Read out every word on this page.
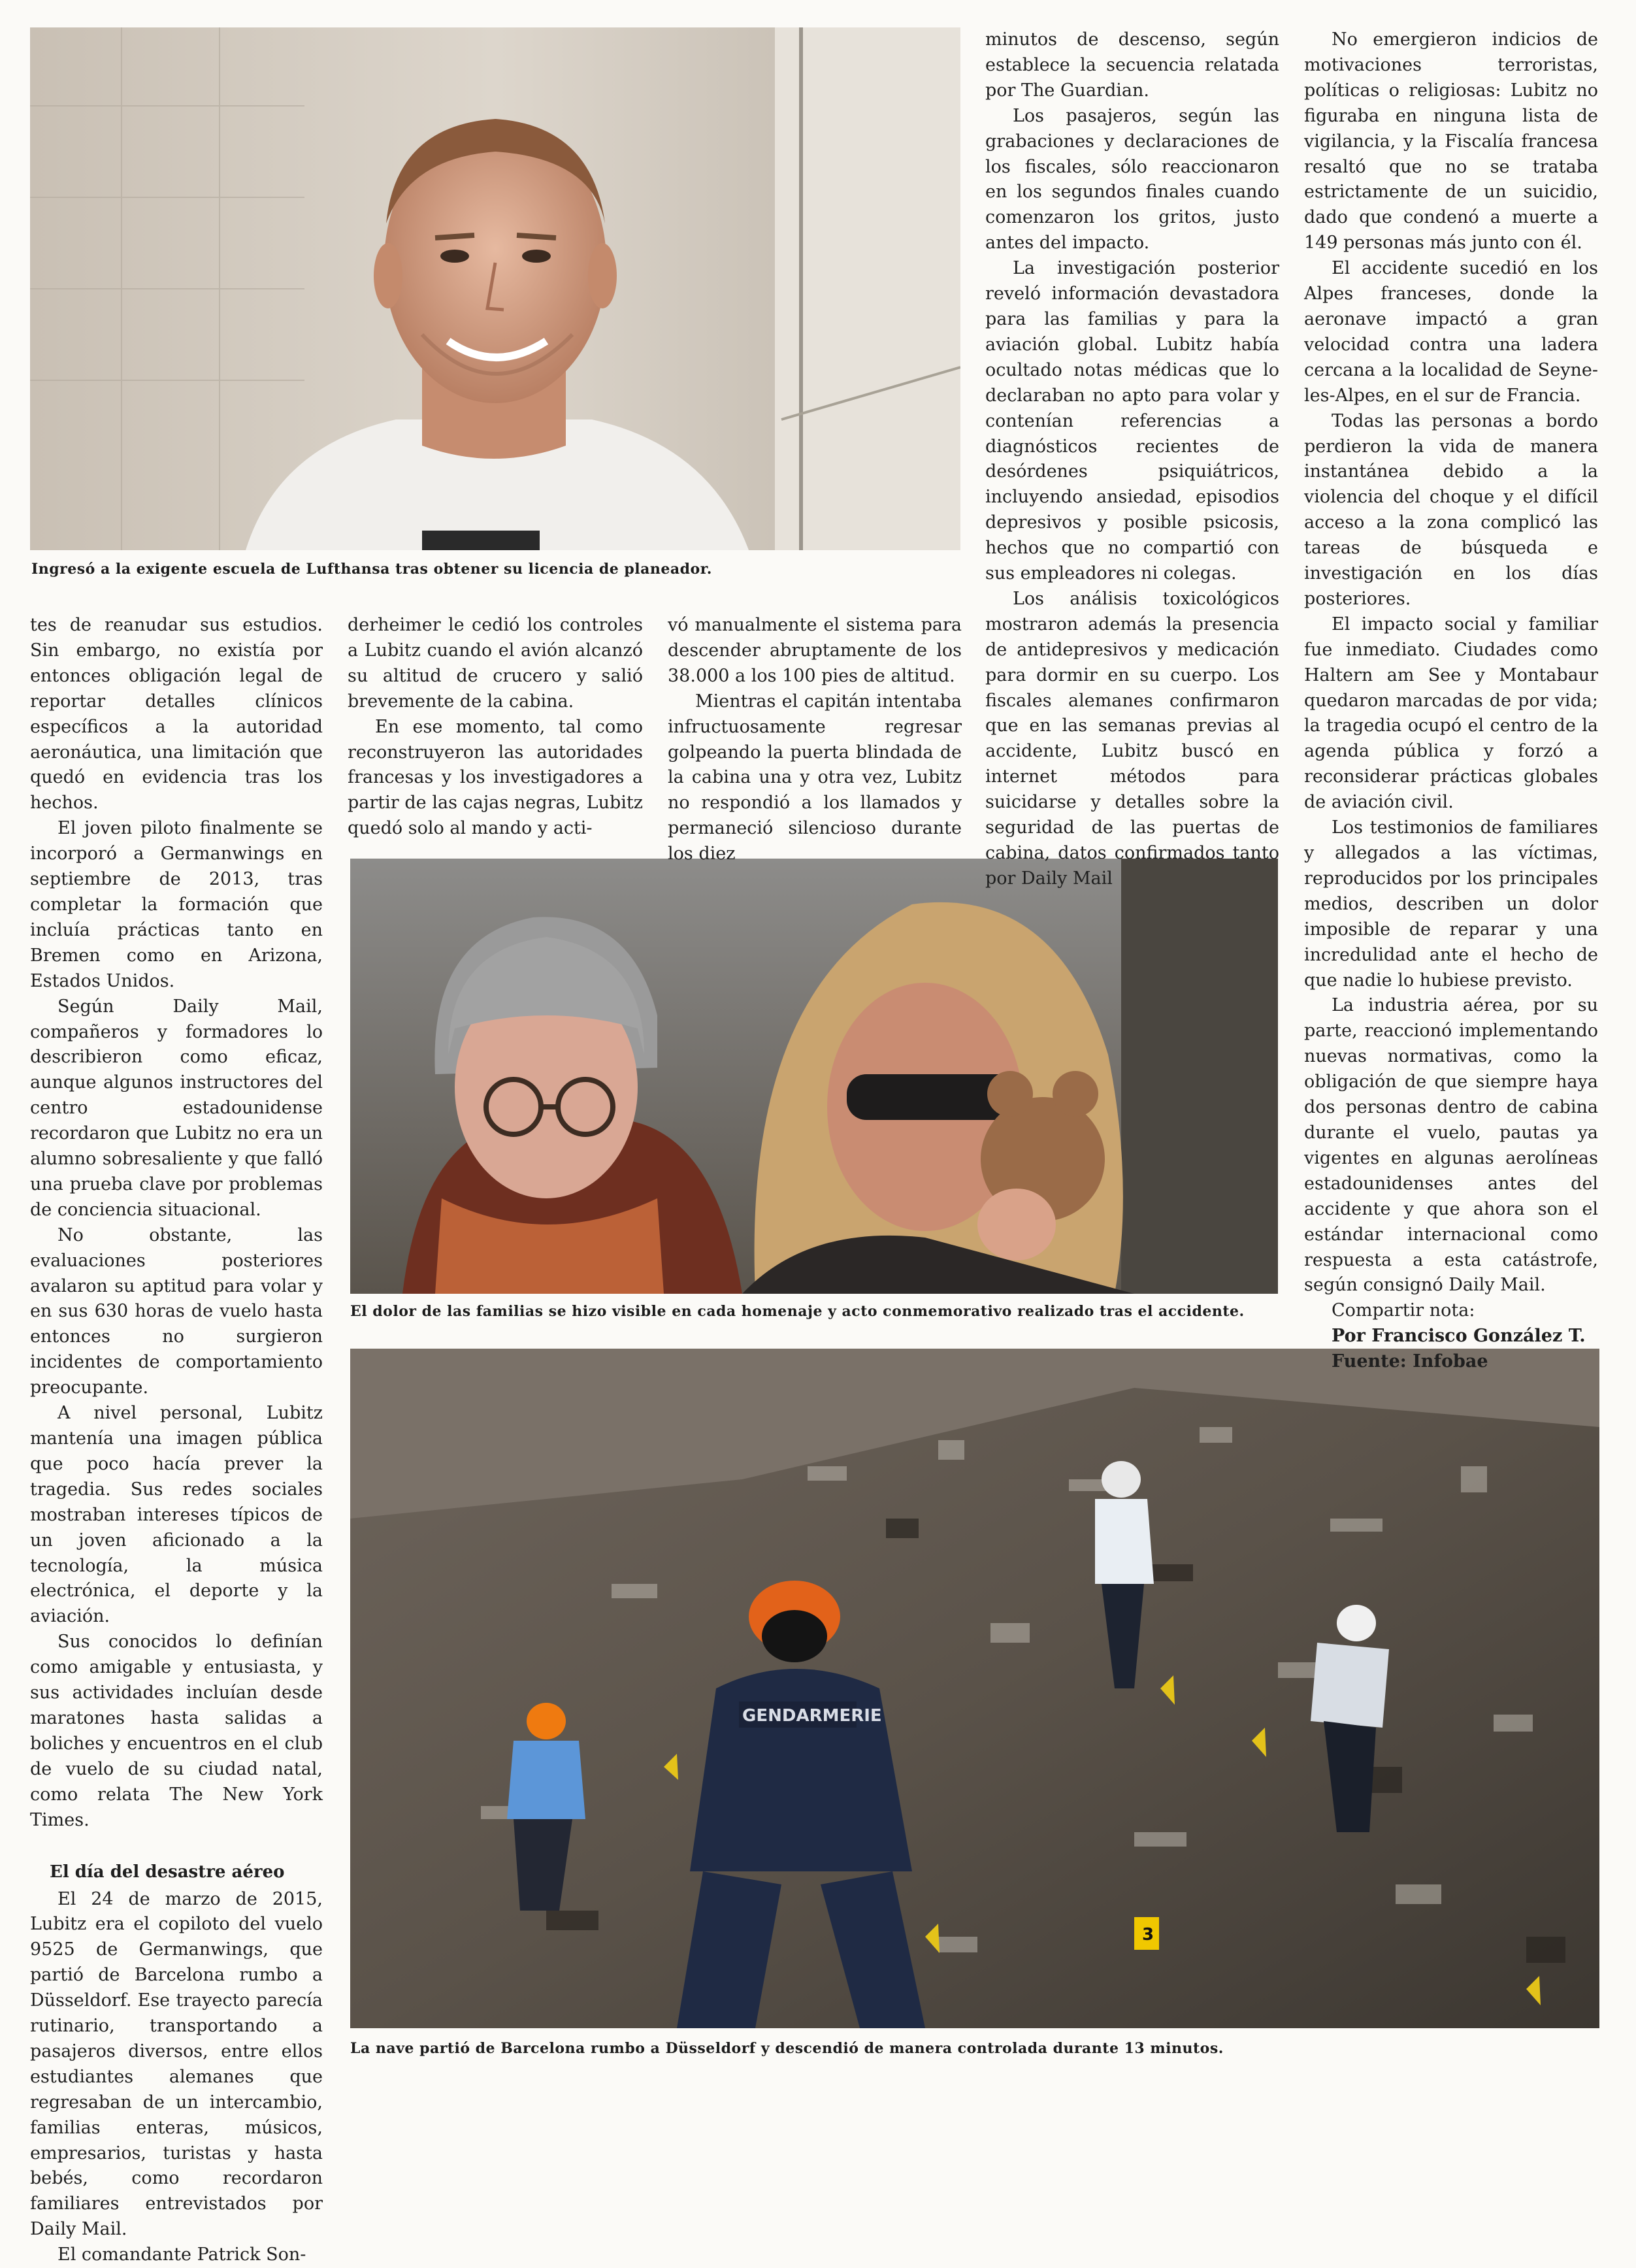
Ingresó a la exigente escuela de Lufthansa tras obtener su licencia de planeador.
El dolor de las familias se hizo visible en cada homenaje y acto conmemorativo realizado tras el accidente.
3
GENDARMERIE
La nave partió de Barcelona rumbo a Düsseldorf y descendió de manera controlada durante 13 minutos.

tes de reanudar sus estudios. Sin embargo, no existía por entonces obligación legal de reportar detalles clínicos específicos a la autoridad aeronáutica, una limitación que quedó en evidencia tras los hechos.

El joven piloto finalmente se incorporó a Germanwings en septiembre de 2013, tras completar la formación que incluía prácticas tanto en Bremen como en Arizona, Estados Unidos.

Según Daily Mail, compañeros y formadores lo describieron como eficaz, aunque algunos instructores del centro estadounidense recordaron que Lubitz no era un alumno sobresaliente y que falló una prueba clave por problemas de conciencia situacional.

No obstante, las evaluaciones posteriores avalaron su aptitud para volar y en sus 630 horas de vuelo hasta entonces no surgieron incidentes de comportamiento preocupante.

A nivel personal, Lubitz mantenía una imagen pública que poco hacía prever la tragedia. Sus redes sociales mostraban intereses típicos de un joven aficionado a la tecnología, la música electrónica, el deporte y la aviación.

Sus conocidos lo definían como amigable y entusiasta, y sus actividades incluían desde maratones hasta salidas a boliches y encuentros en el club de vuelo de su ciudad natal, como relata The New York Times.

El día del desastre aéreo

El 24 de marzo de 2015, Lubitz era el copiloto del vuelo 9525 de Germanwings, que partió de Barcelona rumbo a Düsseldorf. Ese trayecto parecía rutinario, transportando a pasajeros diversos, entre ellos estudiantes alemanes que regresaban de un intercambio, familias enteras, músicos, empresarios, turistas y hasta bebés, como recordaron familiares entrevistados por Daily Mail.

El comandante Patrick Son-

derheimer le cedió los controles a Lubitz cuando el avión alcanzó su altitud de crucero y salió brevemente de la cabina.

En ese momento, tal como reconstruyeron las autoridades francesas y los investigadores a partir de las cajas negras, Lubitz quedó solo al mando y acti-

vó manualmente el sistema para descender abruptamente de los 38.000 a los 100 pies de altitud.

Mientras el capitán intentaba infructuosamente regresar golpeando la puerta blindada de la cabina una y otra vez, Lubitz no respondió a los llamados y permaneció silencioso durante los diez

minutos de descenso, según establece la secuencia relatada por The Guardian.

Los pasajeros, según las grabaciones y declaraciones de los fiscales, sólo reaccionaron en los segundos finales cuando comenzaron los gritos, justo antes del impacto.

La investigación posterior reveló información devastadora para las familias y para la aviación global. Lubitz había ocultado notas médicas que lo declaraban no apto para volar y contenían referencias a diagnósticos recientes de desórdenes psiquiátricos, incluyendo ansiedad, episodios depresivos y posible psicosis, hechos que no compartió con sus empleadores ni colegas.

Los análisis toxicológicos mostraron además la presencia de antidepresivos y medicación para dormir en su cuerpo. Los fiscales alemanes confirmaron que en las semanas previas al accidente, Lubitz buscó en internet métodos para suicidarse y detalles sobre la seguridad de las puertas de cabina, datos confirmados tanto por Daily Mail

No emergieron indicios de motivaciones terroristas, políticas o religiosas: Lubitz no figuraba en ninguna lista de vigilancia, y la Fiscalía francesa resaltó que no se trataba estrictamente de un suicidio, dado que condenó a muerte a 149 personas más junto con él.

El accidente sucedió en los Alpes franceses, donde la aeronave impactó a gran velocidad contra una ladera cercana a la localidad de Seyne-les-Alpes, en el sur de Francia.

Todas las personas a bordo perdieron la vida de manera instantánea debido a la violencia del choque y el difícil acceso a la zona complicó las tareas de búsqueda e investigación en los días posteriores.

El impacto social y familiar fue inmediato. Ciudades como Haltern am See y Montabaur quedaron marcadas de por vida; la tragedia ocupó el centro de la agenda pública y forzó a reconsiderar prácticas globales de aviación civil.

Los testimonios de familiares y allegados a las víctimas, reproducidos por los principales medios, describen un dolor imposible de reparar y una incredulidad ante el hecho de que nadie lo hubiese previsto.

La industria aérea, por su parte, reaccionó implementando nuevas normativas, como la obligación de que siempre haya dos personas dentro de cabina durante el vuelo, pautas ya vigentes en algunas aerolíneas estadounidenses antes del accidente y que ahora son el estándar internacional como respuesta a esta catástrofe, según consignó Daily Mail.

Compartir nota:

Por Francisco González T.

Fuente: Infobae
